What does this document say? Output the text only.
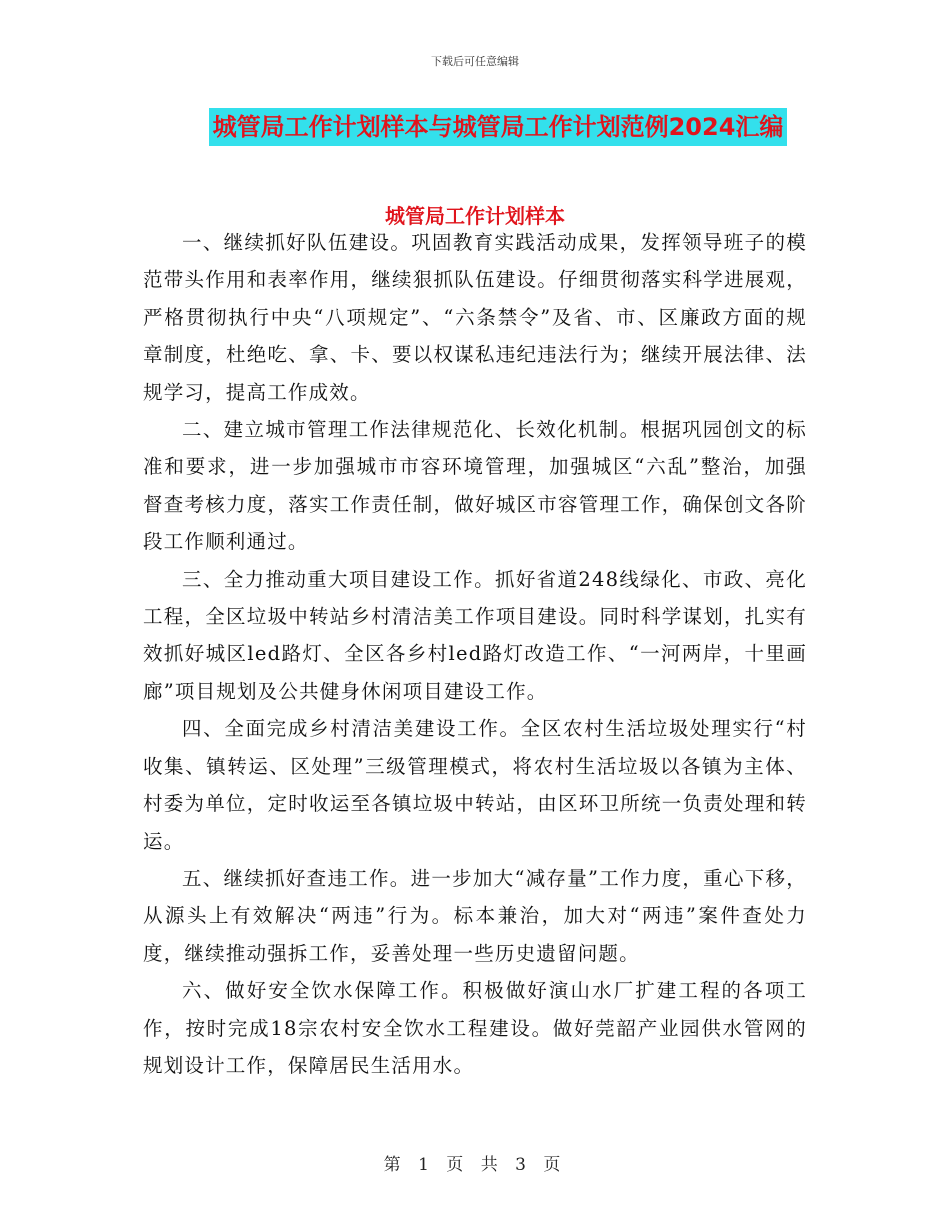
下载后可任意编辑
城管局工作计划样本与城管局工作计划范例2024汇编
城管局工作计划样本

一、继续抓好队伍建设。巩固教育实践活动成果，发挥领导班子的模范带头作用和表率作用，继续狠抓队伍建设。仔细贯彻落实科学进展观，严格贯彻执行中央“八项规定”、“六条禁令”及省、市、区廉政方面的规章制度，杜绝吃、拿、卡、要以权谋私违纪违法行为；继续开展法律、法规学习，提高工作成效。

二、建立城市管理工作法律规范化、长效化机制。根据巩园创文的标准和要求，进一步加强城市市容环境管理，加强城区“六乱”整治，加强督查考核力度，落实工作责任制，做好城区市容管理工作，确保创文各阶段工作顺利通过。

三、全力推动重大项目建设工作。抓好省道248线绿化、市政、亮化工程，全区垃圾中转站乡村清洁美工作项目建设。同时科学谋划，扎实有效抓好城区led路灯、全区各乡村led路灯改造工作、“一河两岸，十里画廊”项目规划及公共健身休闲项目建设工作。

四、全面完成乡村清洁美建设工作。全区农村生活垃圾处理实行“村收集、镇转运、区处理”三级管理模式，将农村生活垃圾以各镇为主体、村委为单位，定时收运至各镇垃圾中转站，由区环卫所统一负责处理和转运。

五、继续抓好查违工作。进一步加大“减存量”工作力度，重心下移，从源头上有效解决“两违”行为。标本兼治，加大对“两违”案件查处力度，继续推动强拆工作，妥善处理一些历史遗留问题。

六、做好安全饮水保障工作。积极做好演山水厂扩建工程的各项工作，按时完成18宗农村安全饮水工程建设。做好莞韶产业园供水管网的规划设计工作，保障居民生活用水。

第 1 页 共 3 页
